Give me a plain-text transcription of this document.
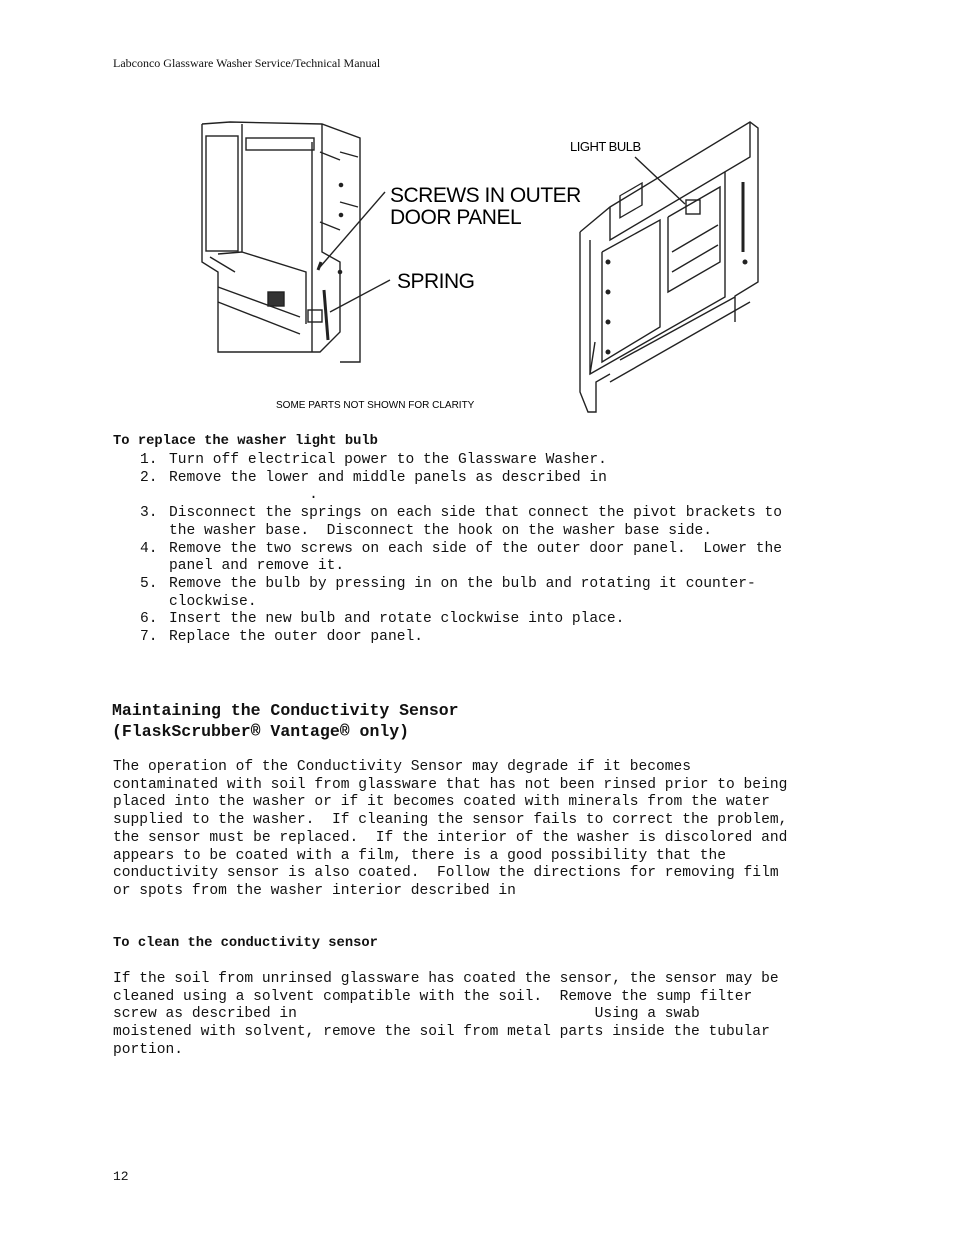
Labconco Glassware Washer Service/Technical Manual
SCREWS IN OUTER
DOOR PANEL
SPRING
LIGHT BULB
SOME PARTS NOT SHOWN FOR CLARITY
To replace the washer light bulb
1. Turn off electrical power to the Glassware Washer.
2. Remove the lower and middle panels as described in
.
3. Disconnect the springs on each side that connect the pivot brackets to
the washer base.  Disconnect the hook on the washer base side.
4. Remove the two screws on each side of the outer door panel.  Lower the
panel and remove it.
5. Remove the bulb by pressing in on the bulb and rotating it counter-
clockwise.
6. Insert the new bulb and rotate clockwise into place.
7. Replace the outer door panel.
Maintaining the Conductivity Sensor
(FlaskScrubber® Vantage® only)

The operation of the Conductivity Sensor may degrade if it becomes
contaminated with soil from glassware that has not been rinsed prior to being
placed into the washer or if it becomes coated with minerals from the water
supplied to the washer.  If cleaning the sensor fails to correct the problem,
the sensor must be replaced.  If the interior of the washer is discolored and
appears to be coated with a film, there is a good possibility that the
conductivity sensor is also coated.  Follow the directions for removing film
or spots from the washer interior described in

To clean the conductivity sensor

If the soil from unrinsed glassware has coated the sensor, the sensor may be
cleaned using a solvent compatible with the soil.  Remove the sump filter
screw as described in                                  Using a swab
moistened with solvent, remove the soil from metal parts inside the tubular
portion.

12
